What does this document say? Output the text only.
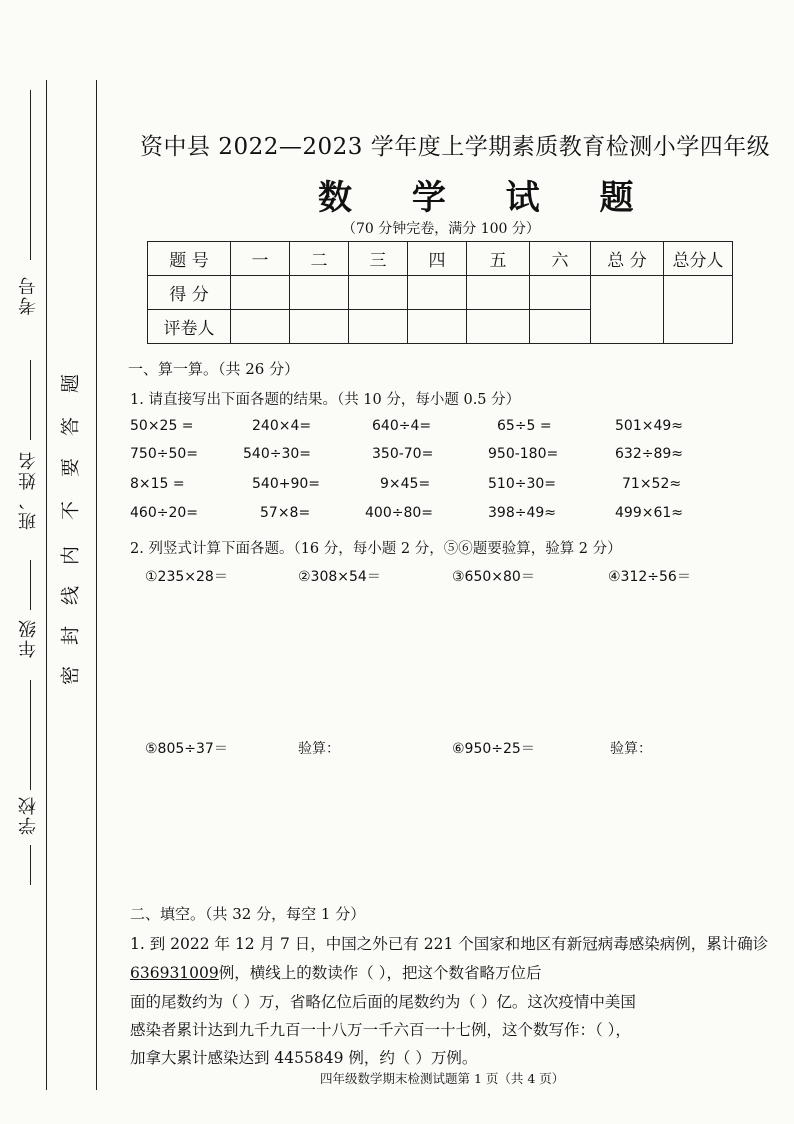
考号
班、姓名
年级
学校
密
封
线
内
不
要
答
题
资中县 2022—2023 学年度上学期素质教育检测小学四年级
数 学 试 题
（70 分钟完卷，满分 100 分）
题 号	一	二	三	四	五	六	总 分	总分人
得 分								
评卷人								
一、算一算。（共 26 分）
1. 请直接写出下面各题的结果。（共 10 分，每小题 0.5 分）
50×25 =	240×4=	640÷4=	65÷5 =	501×49≈
750÷50=	540÷30=	350-70=	950-180=	632÷89≈
8×15 =	540+90=	9×45=	510÷30=	71×52≈
460÷20=	57×8=	400÷80=	398÷49≈	499×61≈
2. 列竖式计算下面各题。（16 分，每小题 2 分，⑤⑥题要验算，验算 2 分）
①235×28＝	②308×54＝	③650×80＝	④312÷56＝
⑤805÷37＝	验算：	⑥950÷25＝	验算：
二、填空。（共 32 分，每空 1 分）
1. 到 2022 年 12 月 7 日，中国之外已有 221 个国家和地区有新冠病毒感染病例，累计确诊
636931009例，横线上的数读作（ ），把这个数省略万位后
面的尾数约为（ ）万，省略亿位后面的尾数约为（ ）亿。这次疫情中美国
感染者累计达到九千九百一十八万一千六百一十七例，这个数写作：（ ），
加拿大累计感染达到 4455849 例，约（ ）万例。
四年级数学期末检测试题第 1 页（共 4 页）
